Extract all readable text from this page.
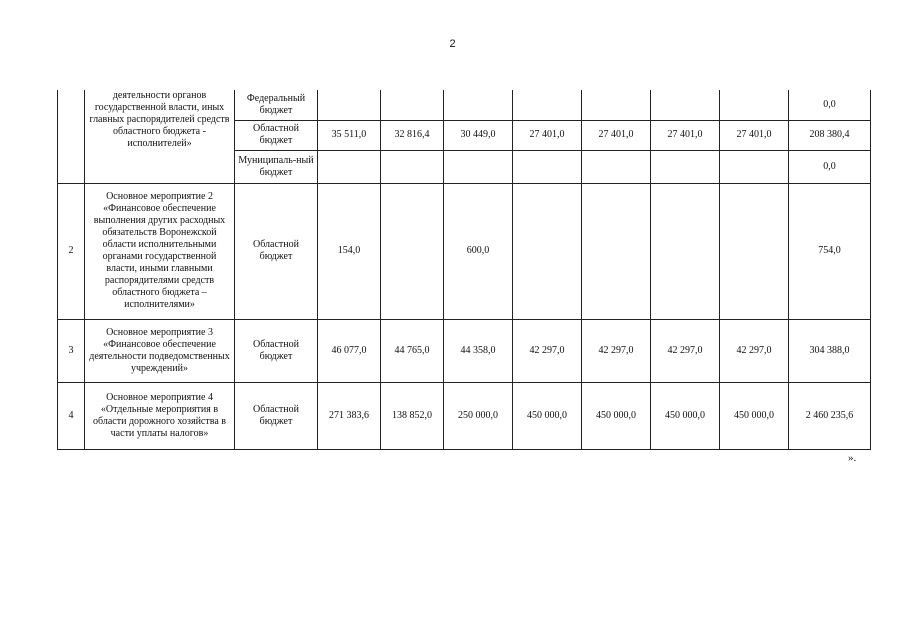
2
	деятельности органов государственной власти, иных главных распорядителей средств областного бюджета - исполнителей»	Федеральный бюджет								0,0
		Областной бюджет	35 511,0	32 816,4	30 449,0	27 401,0	27 401,0	27 401,0	27 401,0	208 380,4
		Муниципаль-ный бюджет								0,0
2	Основное мероприятие 2 «Финансовое обеспечение выполнения других расходных обязательств Воронежской области исполнительными органами государственной власти, иными главными распорядителями средств областного бюджета – исполнителями»	Областной бюджет	154,0		600,0					754,0
3	Основное мероприятие 3 «Финансовое обеспечение деятельности подведомственных учреждений»	Областной бюджет	46 077,0	44 765,0	44 358,0	42 297,0	42 297,0	42 297,0	42 297,0	304 388,0
4	Основное мероприятие 4 «Отдельные мероприятия в области дорожного хозяйства в части уплаты налогов»	Областной бюджет	271 383,6	138 852,0	250 000,0	450 000,0	450 000,0	450 000,0	450 000,0	2 460 235,6
».
